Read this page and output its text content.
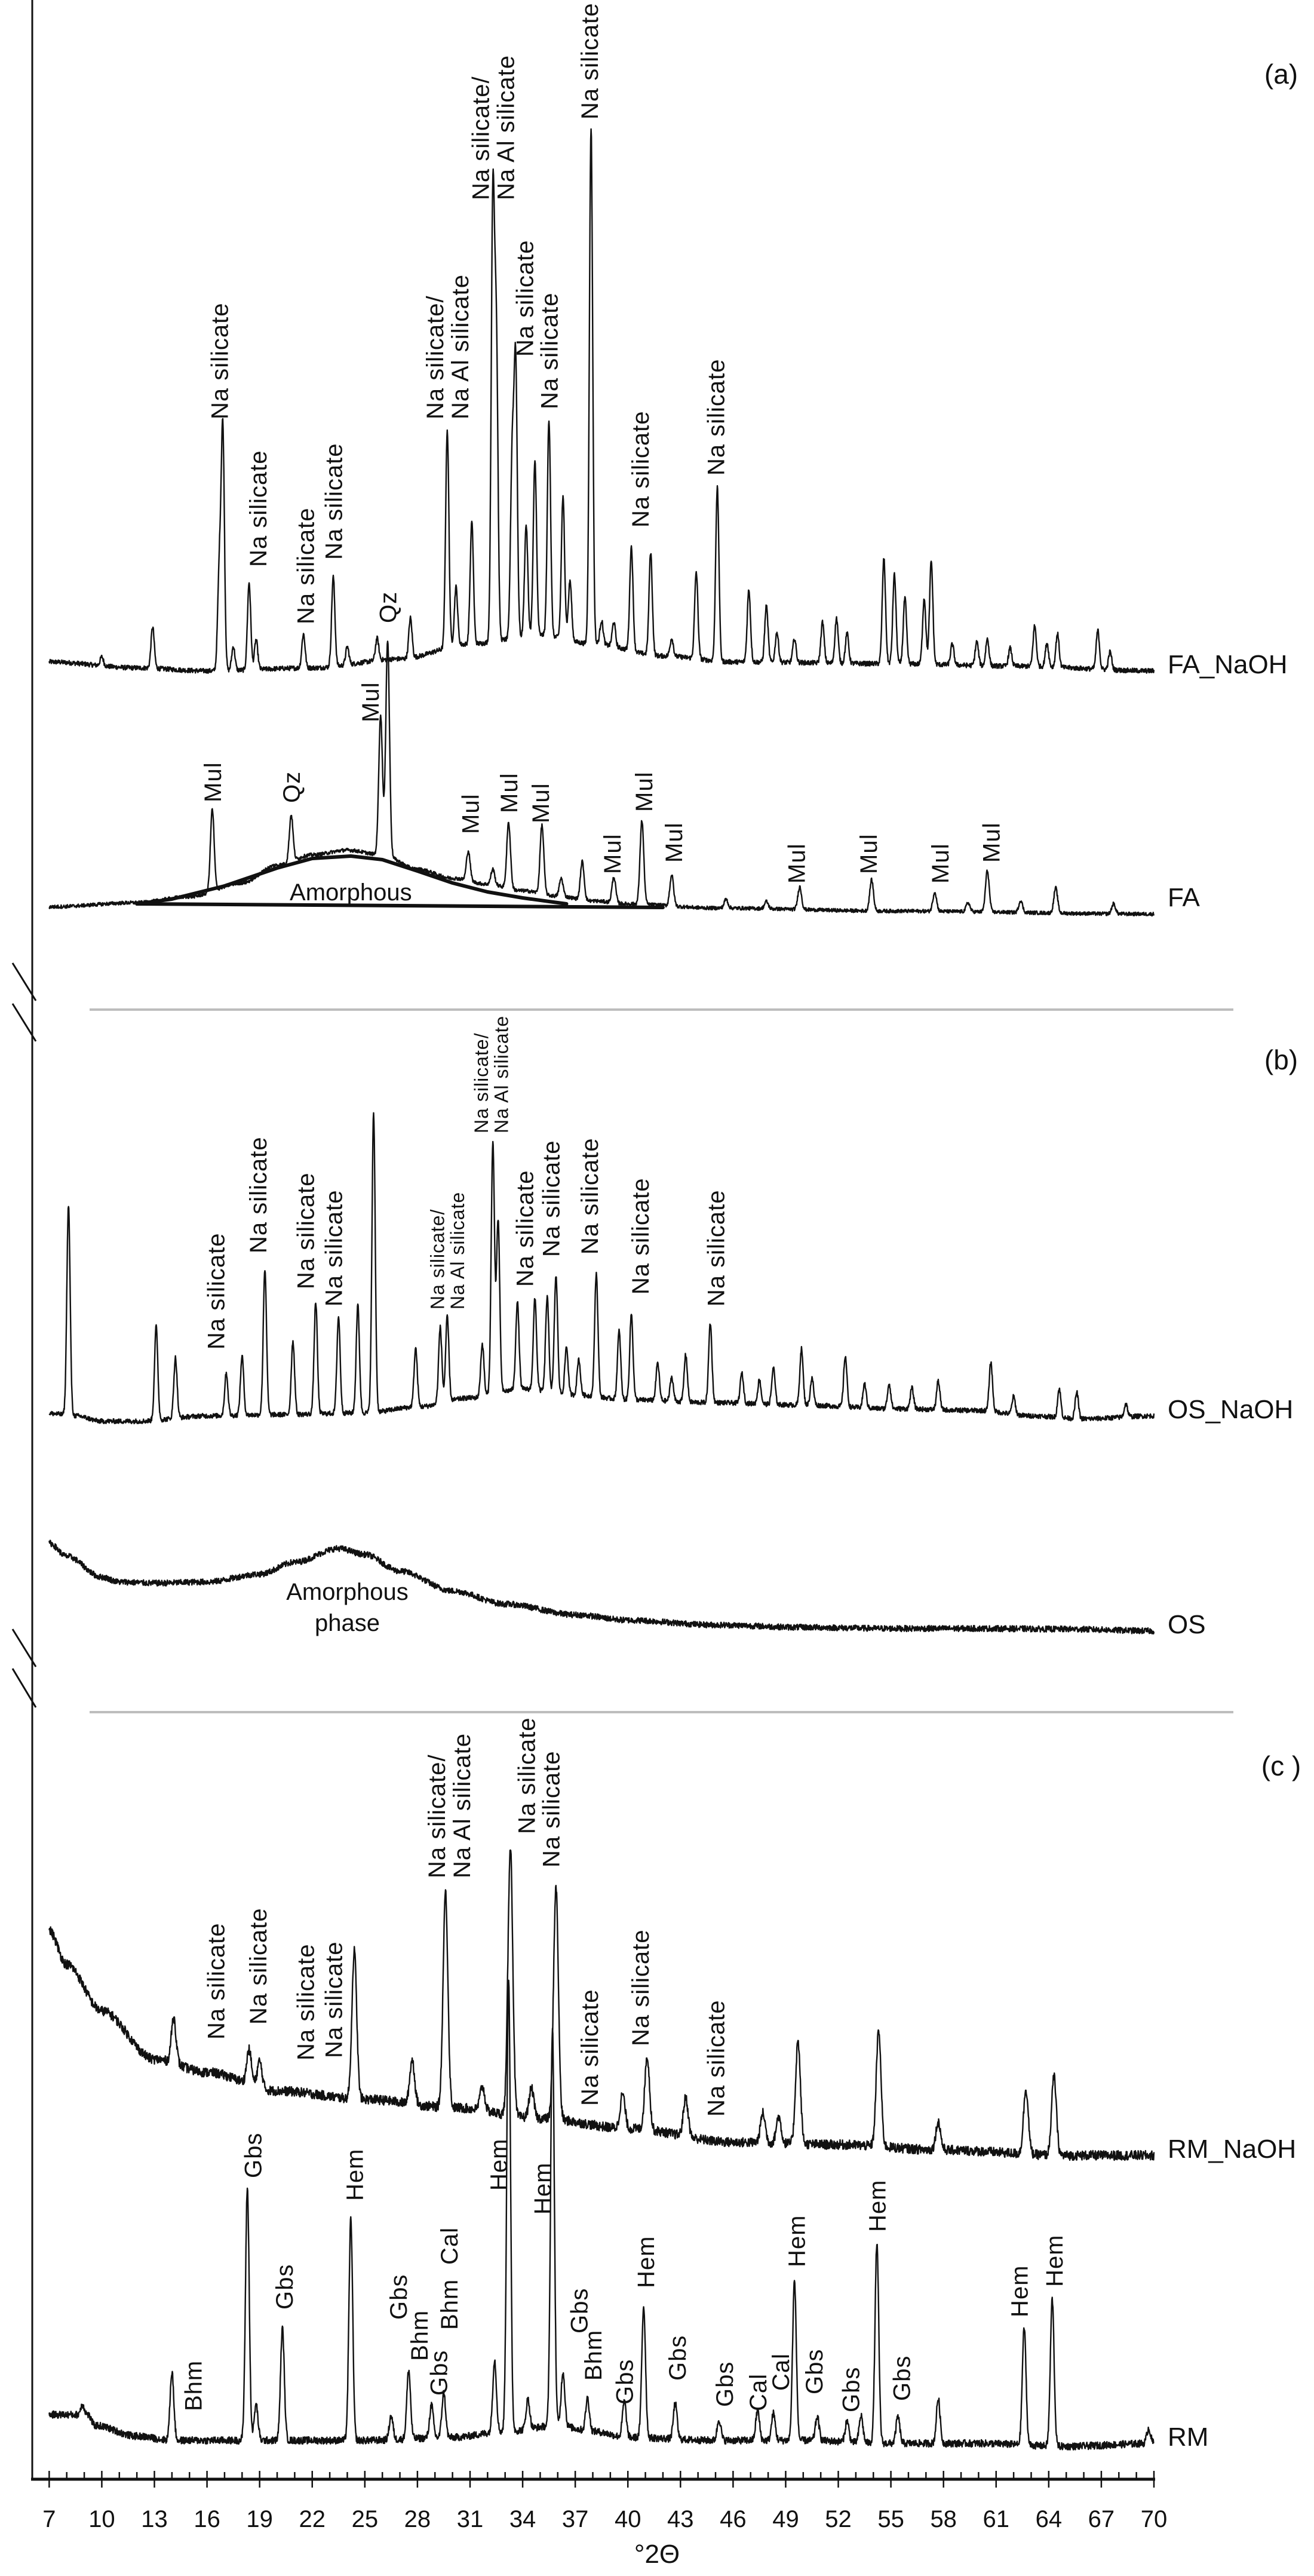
7 10 13 16 19 22 25 28 31 34 37 40 43 46 49 52 55 58 61 64 67 70
°2Θ
(a)
(b)
(c )
Na silicate
Na silicate Na silicate
Na silicate
Na silicate/Na Al silicate
Na silicate/Na Al silicate
Na silicate
Na silicate
Na silicate
Na silicate Na silicate
FA_NaOH
Mul Qz
Mul
Qz
Mul
Mul Mul
Mul
Mul
Mul
Mul Mul Mul
Mul
Amorphous	FA
Na silicate
Na silicate Na silicate Na silicate	Na silicate/Na Al silicate
Na silicate/Na Al silicate
Na silicate Na silicate Na silicate Na silicate Na silicate
OS_NaOH
Amorphous
phase	OS
Na silicate Na silicate Na silicate Na silicate
Na silicate/Na Al silicate Na silicate
Na silicate
Na silicate
Na silicate
Na silicate
RM_NaOH
Bhm
Gbs
Gbs
Hem
Gbs
Bhm
Gbs
Bhm
Cal
Hem Hem
Gbs
Bhm
Gbs
Hem
Gbs
Gbs Cal
Cal
Hem
Gbs Gbs
Hem
Gbs
Hem
Hem
RM
